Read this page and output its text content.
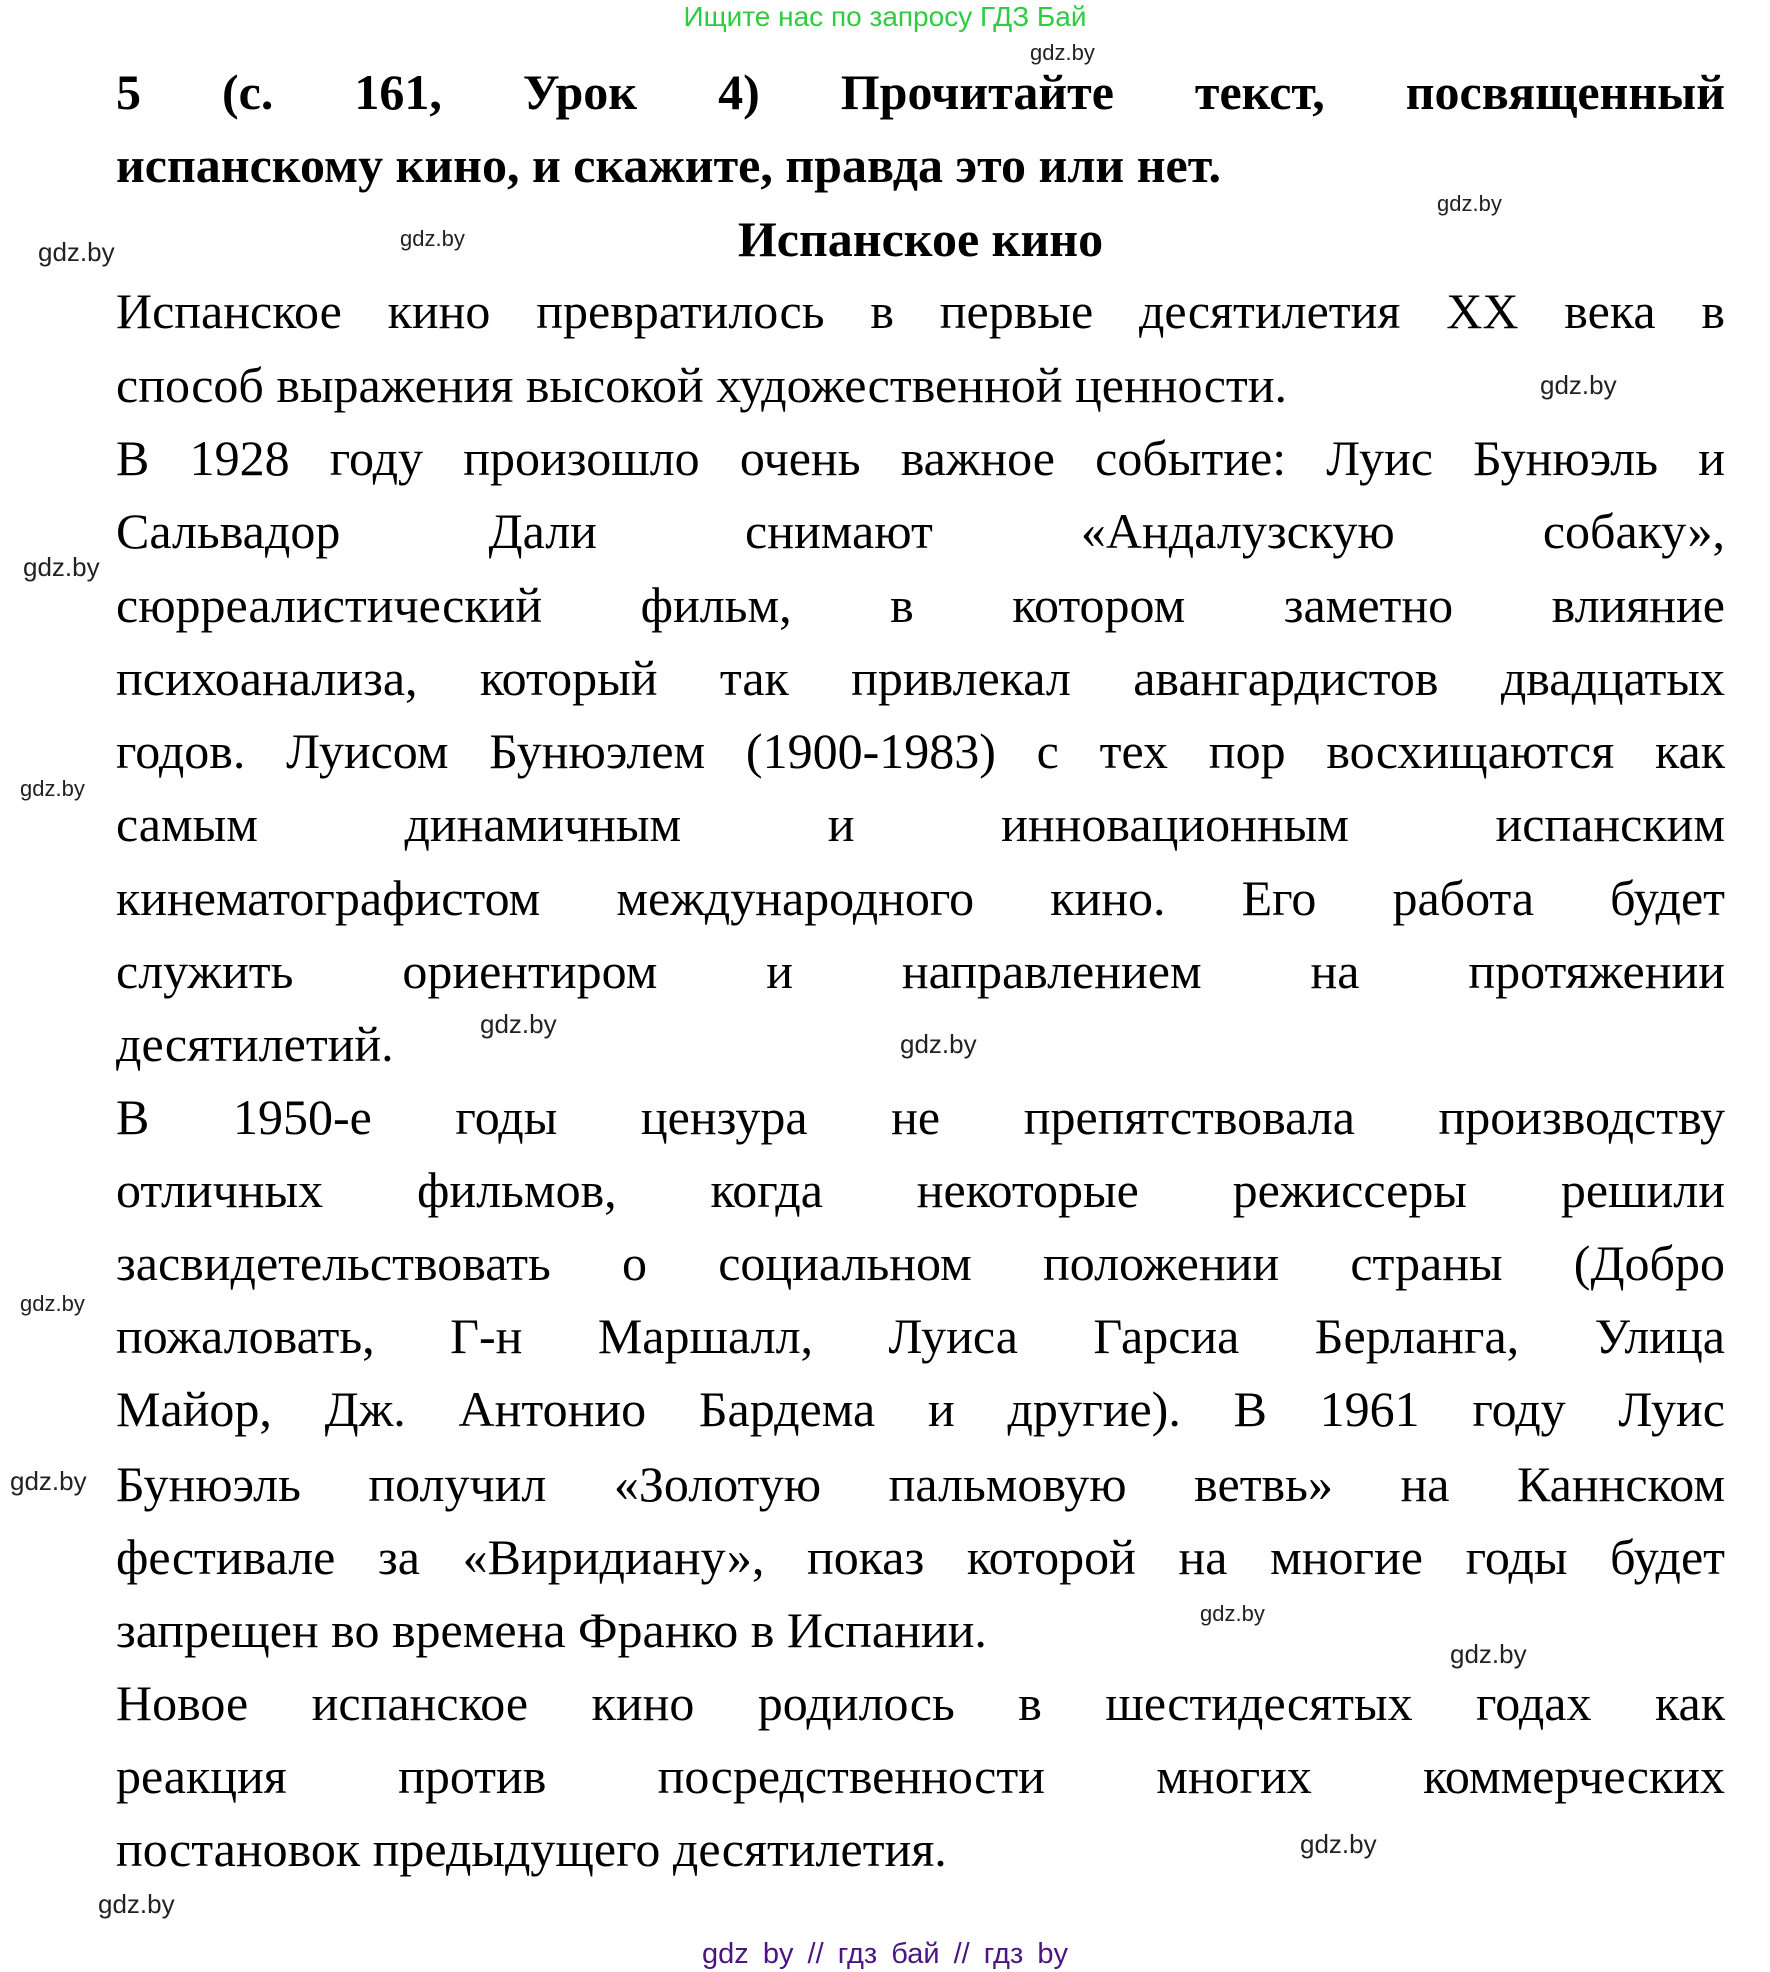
Ищите нас по запросу ГДЗ Бай
5 (с. 161, Урок 4) Прочитайте текст, посвященный
испанскому кино, и скажите, правда это или нет.
Испанское кино
Испанское кино превратилось в первые десятилетия XX века в
способ выражения высокой художественной ценности.
В 1928 году произошло очень важное событие: Луис Бунюэль и
Сальвадор Дали снимают «Андалузскую собаку»,
сюрреалистический фильм, в котором заметно влияние
психоанализа, который так привлекал авангардистов двадцатых
годов. Луисом Бунюэлем (1900-1983) с тех пор восхищаются как
самым динамичным и инновационным испанским
кинематографистом международного кино. Его работа будет
служить ориентиром и направлением на протяжении
десятилетий.
В 1950-е годы цензура не препятствовала производству
отличных фильмов, когда некоторые режиссеры решили
засвидетельствовать о социальном положении страны (Добро
пожаловать, Г-н Маршалл, Луиса Гарсиа Берланга, Улица
Майор, Дж. Антонио Бардема и другие). В 1961 году Луис
Бунюэль получил «Золотую пальмовую ветвь» на Каннском
фестивале за «Виридиану», показ которой на многие годы будет
запрещен во времена Франко в Испании.
Новое испанское кино родилось в шестидесятых годах как
реакция против посредственности многих коммерческих
постановок предыдущего десятилетия.
gdz.by
gdz.by
gdz.by
gdz.by
gdz.by
gdz.by
gdz.by
gdz.by
gdz.by
gdz.by
gdz.by
gdz.by
gdz.by
gdz.by
gdz.by
gdz by // гдз бай // гдз by
